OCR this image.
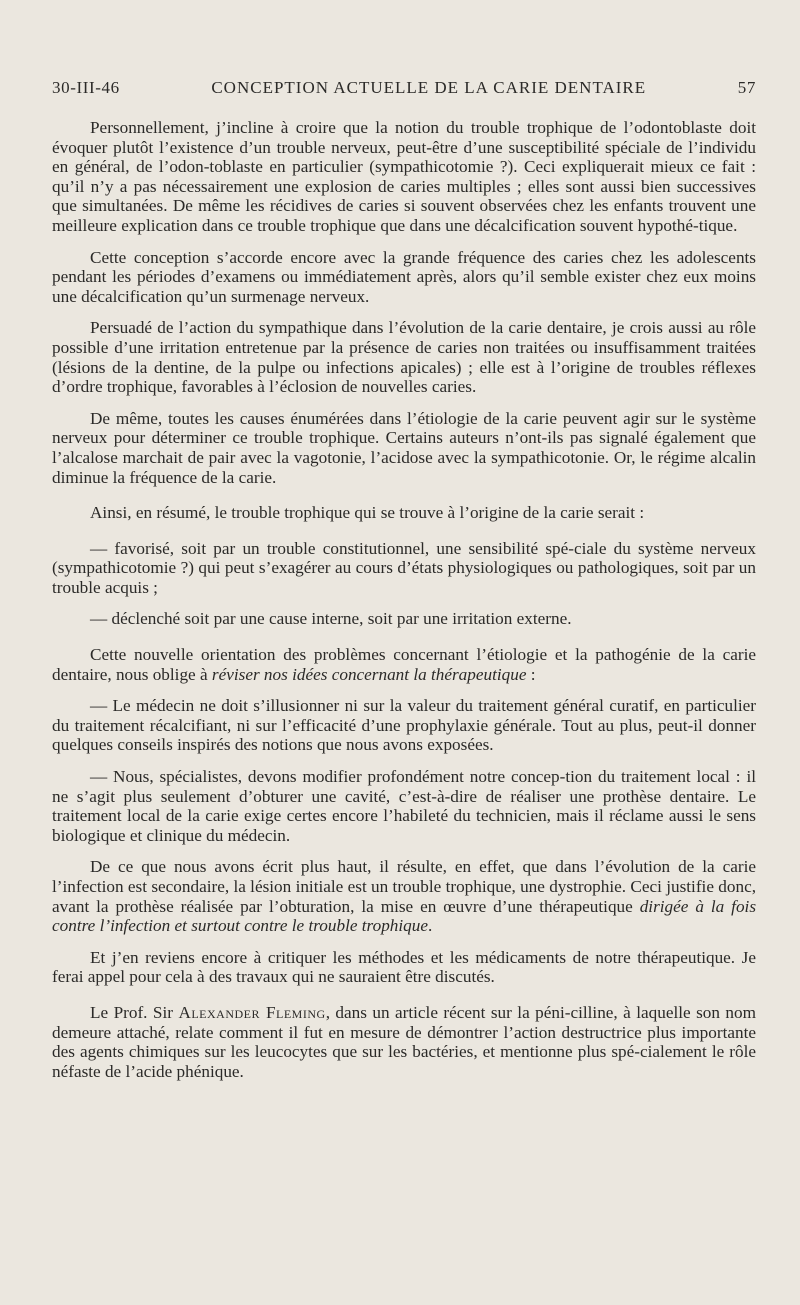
30-III-46	CONCEPTION ACTUELLE DE LA CARIE DENTAIRE	57

Personnellement, j’incline à croire que la notion du trouble trophique de l’odontoblaste doit évoquer plutôt l’existence d’un trouble nerveux, peut-être d’une susceptibilité spéciale de l’individu en général, de l’odon-toblaste en particulier (sympathicotomie ?). Ceci expliquerait mieux ce fait : qu’il n’y a pas nécessairement une explosion de caries multiples ; elles sont aussi bien successives que simultanées. De même les récidives de caries si souvent observées chez les enfants trouvent une meilleure explication dans ce trouble trophique que dans une décalcification souvent hypothé-tique.

Cette conception s’accorde encore avec la grande fréquence des caries chez les adolescents pendant les périodes d’examens ou immédiatement après, alors qu’il semble exister chez eux moins une décalcification qu’un surmenage nerveux.

Persuadé de l’action du sympathique dans l’évolution de la carie dentaire, je crois aussi au rôle possible d’une irritation entretenue par la présence de caries non traitées ou insuffisamment traitées (lésions de la dentine, de la pulpe ou infections apicales) ; elle est à l’origine de troubles réflexes d’ordre trophique, favorables à l’éclosion de nouvelles caries.

De même, toutes les causes énumérées dans l’étiologie de la carie peuvent agir sur le système nerveux pour déterminer ce trouble trophique. Certains auteurs n’ont-ils pas signalé également que l’alcalose marchait de pair avec la vagotonie, l’acidose avec la sympathicotonie. Or, le régime alcalin diminue la fréquence de la carie.

Ainsi, en résumé, le trouble trophique qui se trouve à l’origine de la carie serait :

— favorisé, soit par un trouble constitutionnel, une sensibilité spé-ciale du système nerveux (sympathicotomie ?) qui peut s’exagérer au cours d’états physiologiques ou pathologiques, soit par un trouble acquis ;

— déclenché soit par une cause interne, soit par une irritation externe.

Cette nouvelle orientation des problèmes concernant l’étiologie et la pathogénie de la carie dentaire, nous oblige à réviser nos idées concernant la thérapeutique :

— Le médecin ne doit s’illusionner ni sur la valeur du traitement général curatif, en particulier du traitement récalcifiant, ni sur l’efficacité d’une prophylaxie générale. Tout au plus, peut-il donner quelques conseils inspirés des notions que nous avons exposées.

— Nous, spécialistes, devons modifier profondément notre concep-tion du traitement local : il ne s’agit plus seulement d’obturer une cavité, c’est-à-dire de réaliser une prothèse dentaire. Le traitement local de la carie exige certes encore l’habileté du technicien, mais il réclame aussi le sens biologique et clinique du médecin.

De ce que nous avons écrit plus haut, il résulte, en effet, que dans l’évolution de la carie l’infection est secondaire, la lésion initiale est un trouble trophique, une dystrophie. Ceci justifie donc, avant la prothèse réalisée par l’obturation, la mise en œuvre d’une thérapeutique dirigée à la fois contre l’infection et surtout contre le trouble trophique.

Et j’en reviens encore à critiquer les méthodes et les médicaments de notre thérapeutique. Je ferai appel pour cela à des travaux qui ne sauraient être discutés.

Le Prof. Sir Alexander Fleming, dans un article récent sur la péni-cilline, à laquelle son nom demeure attaché, relate comment il fut en mesure de démontrer l’action destructrice plus importante des agents chimiques sur les leucocytes que sur les bactéries, et mentionne plus spé-cialement le rôle néfaste de l’acide phénique.
